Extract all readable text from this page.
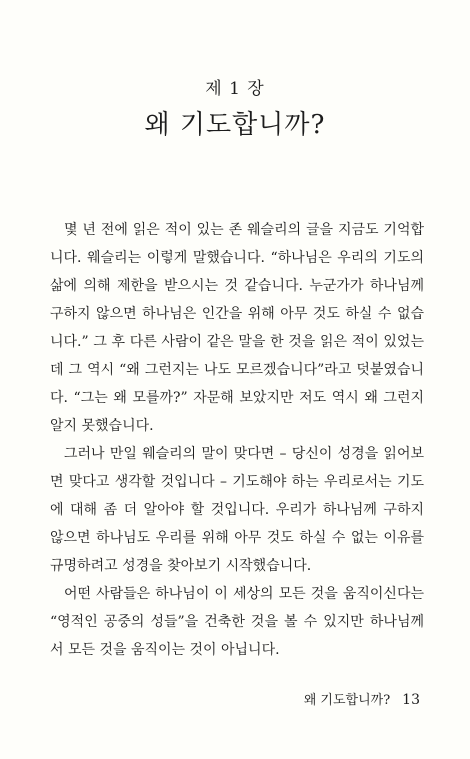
제 1 장
왜 기도합니까?
몇 년 전에 읽은 적이 있는 존 웨슬리의 글을 지금도 기억합
니다. 웨슬리는 이렇게 말했습니다. “하나님은 우리의 기도의
삶에 의해 제한을 받으시는 것 같습니다. 누군가가 하나님께
구하지 않으면 하나님은 인간을 위해 아무 것도 하실 수 없습
니다.” 그 후 다른 사람이 같은 말을 한 것을 읽은 적이 있었는
데 그 역시 “왜 그런지는 나도 모르겠습니다”라고 덧붙였습니
다. “그는 왜 모를까?” 자문해 보았지만 저도 역시 왜 그런지
알지 못했습니다.
그러나 만일 웨슬리의 말이 맞다면 – 당신이 성경을 읽어보
면 맞다고 생각할 것입니다 – 기도해야 하는 우리로서는 기도
에 대해 좀 더 알아야 할 것입니다. 우리가 하나님께 구하지
않으면 하나님도 우리를 위해 아무 것도 하실 수 없는 이유를
규명하려고 성경을 찾아보기 시작했습니다.
어떤 사람들은 하나님이 이 세상의 모든 것을 움직이신다는
“영적인 공중의 성들”을 건축한 것을 볼 수 있지만 하나님께
서 모든 것을 움직이는 것이 아닙니다.
왜 기도합니까? 13
